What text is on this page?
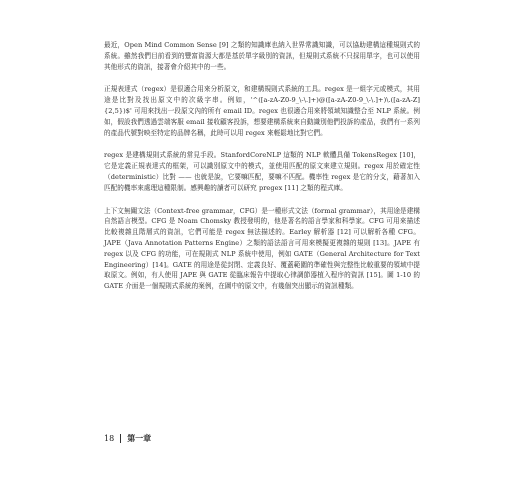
最近，Open Mind Common Sense [9] 之類的知識庫也納入世界常識知識，可以協助建構這種規則式的系統。雖然我們目前看到的豐富資源大都是基於單字級別的資訊，但規則式系統不只採用單字，也可以使用其他形式的資訊，接著會介紹其中的一些。

正規表達式（regex）是很適合用來分析原文，和建構規則式系統的工具。regex 是一組字元或模式，其用途是比對及找出原文中的次級字串。例如，'^([a-zA-Z0-9_\-\.]+)@([a-zA-Z0-9_\-\.]+)\.([a-zA-Z]{2,5})$' 可用來找出一段原文內的所有 email ID。regex 也很適合用來將領域知識整合至 NLP 系統。例如，假設我們透過雲端客服 email 接收顧客投訴，想要建構系統來自動識別他們投訴的產品，我們有一系列的產品代號對映至特定的品牌名稱，此時可以用 regex 來輕鬆地比對它們。

regex 是建構規則式系統的常見手段。StanfordCoreNLP 這類的 NLP 軟體具備 TokensRegex [10]，它是定義正規表達式的框架，可以識別原文中的模式，並使用匹配的原文來建立規則。regex 用於確定性（deterministic）比對 —— 也就是說，它要嘛匹配，要嘛不匹配。機率性 regex 是它的分支，藉著加入匹配的機率來處理這種限制。感興趣的讀者可以研究 pregex [11] 之類的程式庫。

上下文無關文法（Context-free grammar，CFG）是一種形式文法（formal grammar），其用途是建構自然語言模型。CFG 是 Noam Chomsky 教授發明的，他是著名的語言學家和科學家。CFG 可用來描述比較複雜且階層式的資訊，它們可能是 regex 無法描述的。Earley 解析器 [12] 可以解析各種 CFG。JAPE（Java Annotation Patterns Engine）之類的語法語言可用來模擬更複雜的規則 [13]。JAPE 有 regex 以及 CFG 的功能，可在規則式 NLP 系統中使用，例如 GATE（General Architecture for Text Engineering）[14]。GATE 的用途是從封閉、定義良好、覆蓋範圍的準確性與完整性比較重要的領域中提取原文。例如，有人使用 JAPE 與 GATE 從臨床報告中提取心律調節器植入程序的資訊 [15]。圖 1-10 的 GATE 介面是一個規則式系統的案例，在圖中的原文中，有幾個突出顯示的資訊種類。

18 第一章
